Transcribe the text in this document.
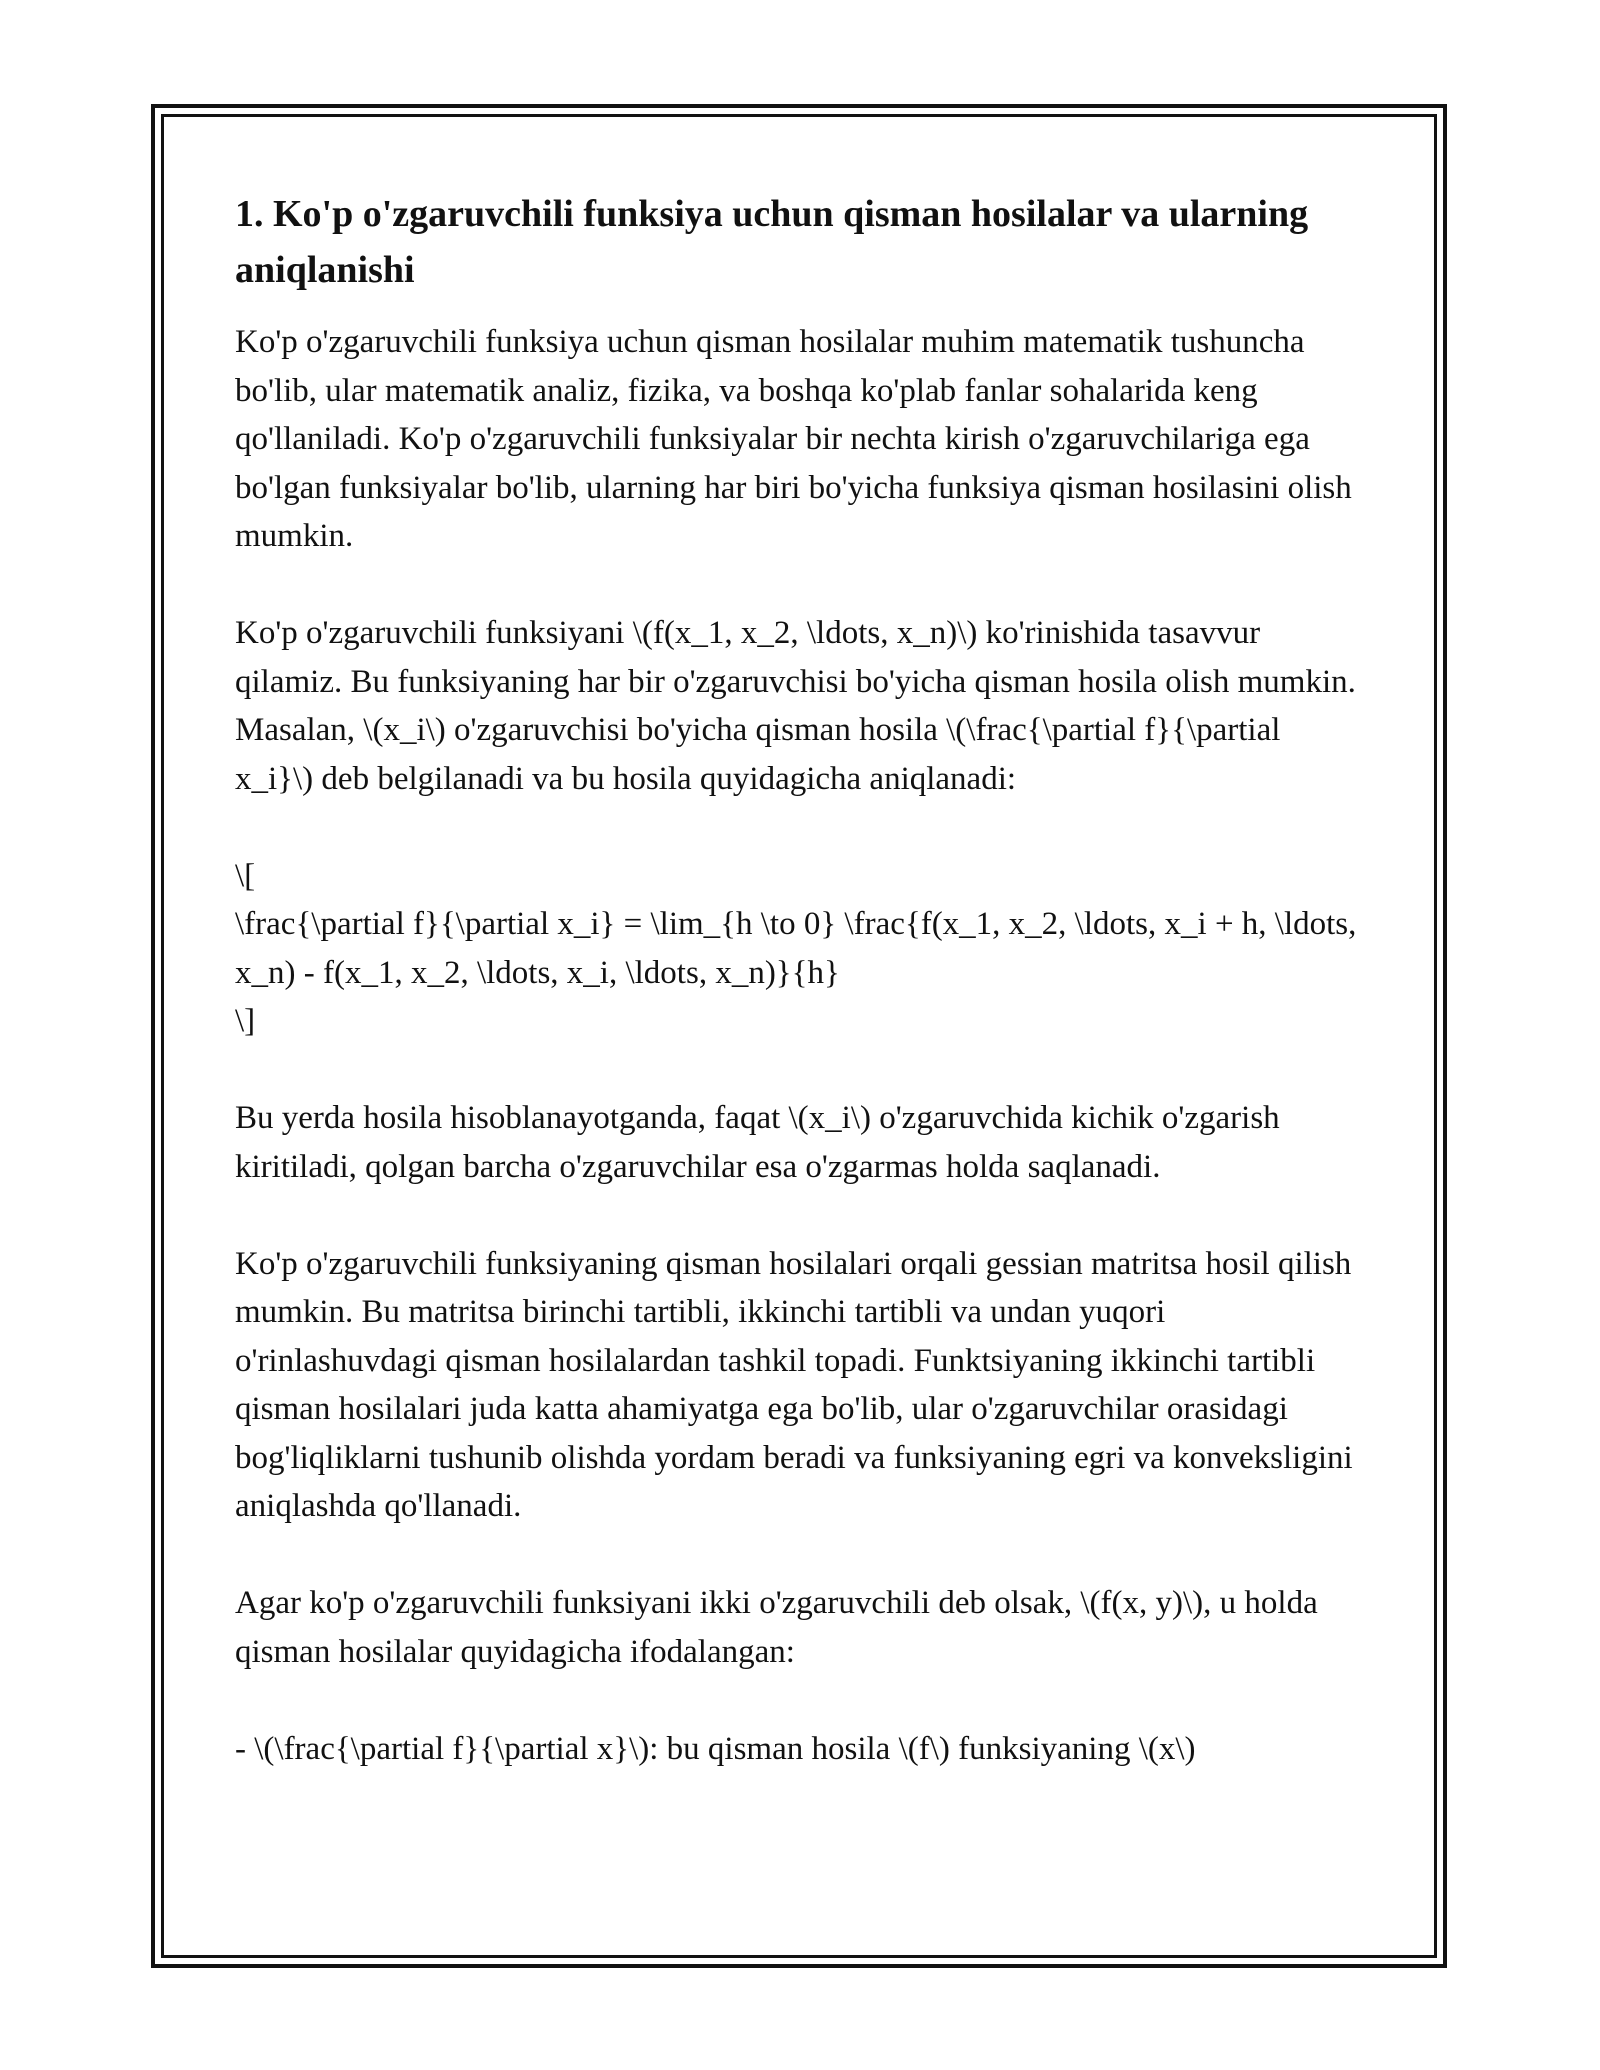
1. Ko'p o'zgaruvchili funksiya uchun qisman hosilalar va ularning aniqlanishi

Ko'p o'zgaruvchili funksiya uchun qisman hosilalar muhim matematik tushuncha bo'lib, ular matematik analiz, fizika, va boshqa ko'plab fanlar sohalarida keng qo'llaniladi. Ko'p o'zgaruvchili funksiyalar bir nechta kirish o'zgaruvchilariga ega bo'lgan funksiyalar bo'lib, ularning har biri bo'yicha funksiya qisman hosilasini olish mumkin.

Ko'p o'zgaruvchili funksiyani \(f(x_1, x_2, \ldots, x_n)\) ko'rinishida tasavvur qilamiz. Bu funksiyaning har bir o'zgaruvchisi bo'yicha qisman hosila olish mumkin. Masalan, \(x_i\) o'zgaruvchisi bo'yicha qisman hosila \(\frac{\partial f}{\partial x_i}\) deb belgilanadi va bu hosila quyidagicha aniqlanadi:

\[
\frac{\partial f}{\partial x_i} = \lim_{h \to 0} \frac{f(x_1, x_2, \ldots, x_i + h, \ldots, x_n) - f(x_1, x_2, \ldots, x_i, \ldots, x_n)}{h}
\]

Bu yerda hosila hisoblanayotganda, faqat \(x_i\) o'zgaruvchida kichik o'zgarish kiritiladi, qolgan barcha o'zgaruvchilar esa o'zgarmas holda saqlanadi.

Ko'p o'zgaruvchili funksiyaning qisman hosilalari orqali gessian matritsa hosil qilish mumkin. Bu matritsa birinchi tartibli, ikkinchi tartibli va undan yuqori o'rinlashuvdagi qisman hosilalardan tashkil topadi. Funktsiyaning ikkinchi tartibli qisman hosilalari juda katta ahamiyatga ega bo'lib, ular o'zgaruvchilar orasidagi bog'liqliklarni tushunib olishda yordam beradi va funksiyaning egri va konveksligini aniqlashda qo'llanadi.

Agar ko'p o'zgaruvchili funksiyani ikki o'zgaruvchili deb olsak, \(f(x, y)\), u holda qisman hosilalar quyidagicha ifodalangan:

- \(\frac{\partial f}{\partial x}\): bu qisman hosila \(f\) funksiyaning \(x\)
